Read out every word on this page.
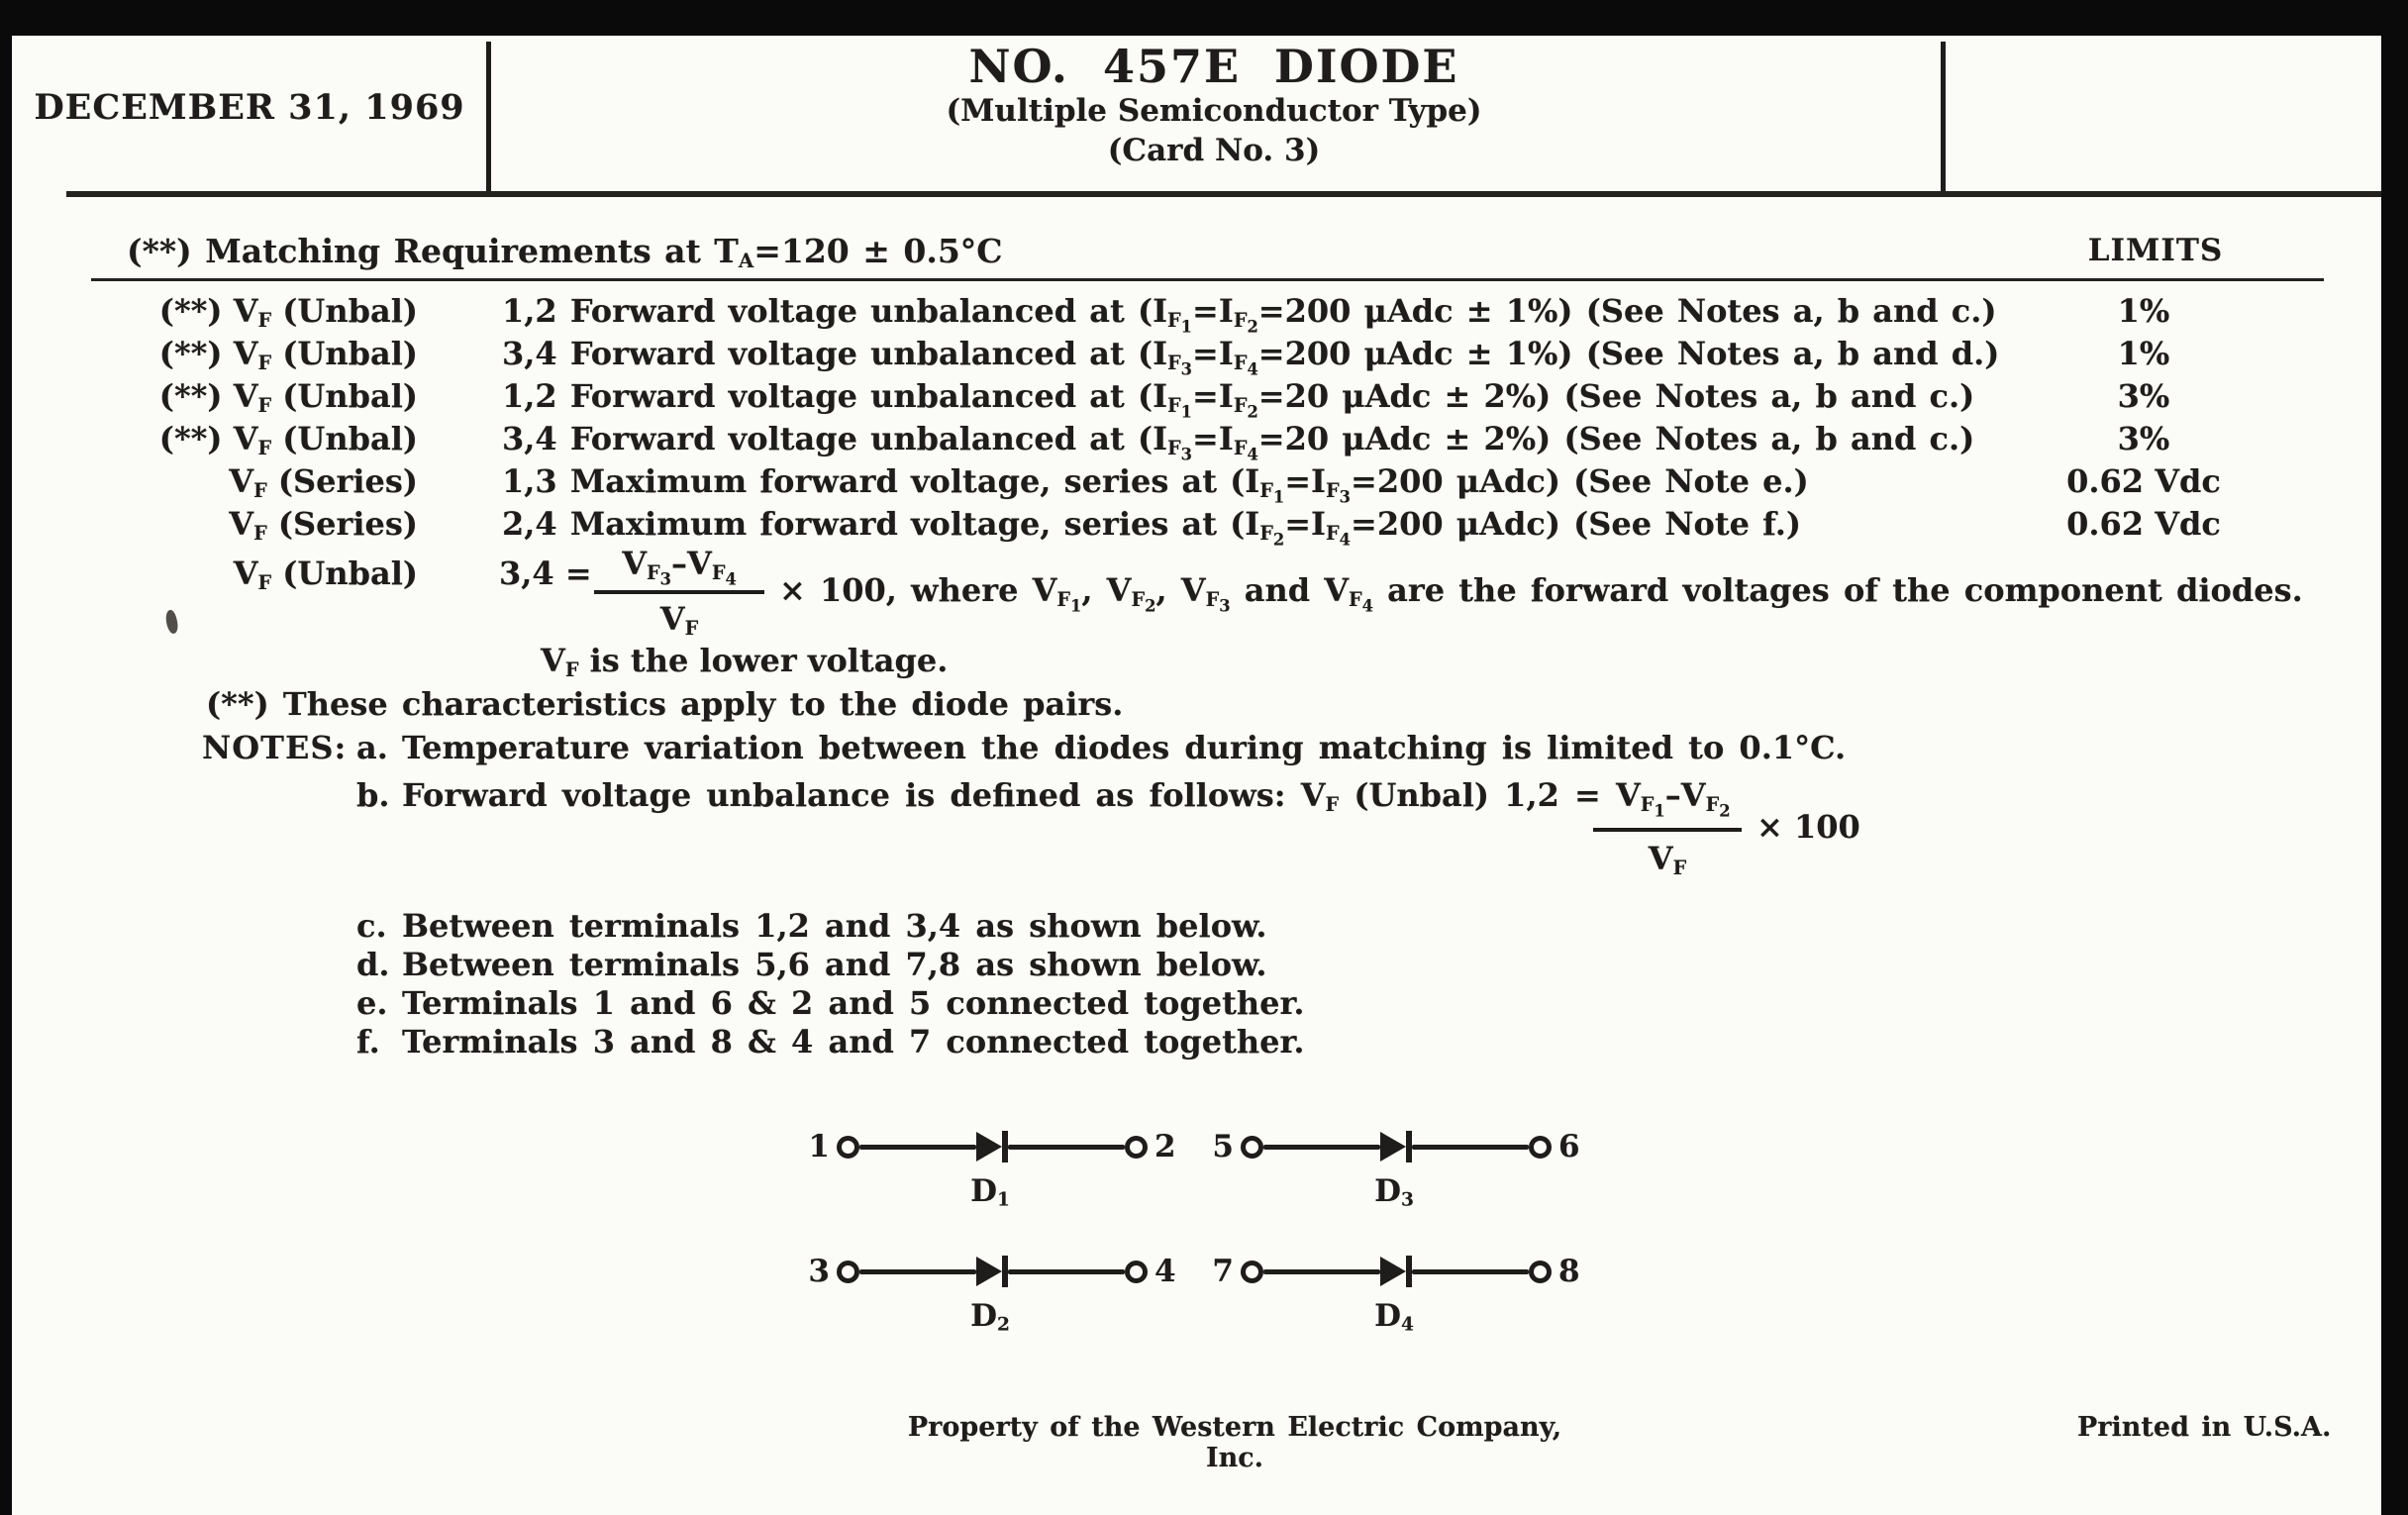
DECEMBER 31, 1969
NO. 457E DIODE
(Multiple Semiconductor Type)
(Card No. 3)
(**) Matching Requirements at $T_A=120 \pm 0.5^\circ C$	LIMITS
(**) $V_F$ (Unbal)	1,2 Forward voltage unbalanced at ($I_{F_1}=I_{F_2}=200$ μAdc ± 1%) (See Notes a, b and c.)	1%
(**) $V_F$ (Unbal)	3,4 Forward voltage unbalanced at ($I_{F_3}=I_{F_4}=200$ μAdc ± 1%) (See Notes a, b and d.)	1%
(**) $V_F$ (Unbal)	1,2 Forward voltage unbalanced at ($I_{F_1}=I_{F_2}=20$ μAdc ± 2%) (See Notes a, b and c.)	3%
(**) $V_F$ (Unbal)	3,4 Forward voltage unbalanced at ($I_{F_3}=I_{F_4}=20$ μAdc ± 2%) (See Notes a, b and c.)	3%
$V_F$ (Series)	1,3 Maximum forward voltage, series at ($I_{F_1}=I_{F_3}=200$ μAdc) (See Note e.)	0.62 Vdc
$V_F$ (Series)	2,4 Maximum forward voltage, series at ($I_{F_2}=I_{F_4}=200$ μAdc) (See Note f.)	0.62 Vdc
$V_F$ (Unbal)	$3,4 = V_{F_3}-V_{F_4}$
$V_F$
× 100, where $V_{F_1}$, $V_{F_2}$, $V_{F_3}$ and $V_{F_4}$ are the forward voltages of the component diodes.
$V_F$ is the lower voltage.
(**) These characteristics apply to the diode pairs.
NOTES: a. Temperature variation between the diodes during matching is limited to 0.1°C.
b. Forward voltage unbalance is defined as follows: $V_F$ (Unbal) $1,2 = V_{F_1}-V_{F_2} \times 100$
$V_F$
c. Between terminals 1,2 and 3,4 as shown below.
d. Between terminals 5,6 and 7,8 as shown below.
e. Terminals 1 and 6 & 2 and 5 connected together.
f. Terminals 3 and 8 & 4 and 7 connected together.
1	2
$D_1$
5	6
$D_3$
3	4
$D_2$
7	8
$D_4$
Property of the Western Electric Company, Inc.
Printed in U.S.A.
